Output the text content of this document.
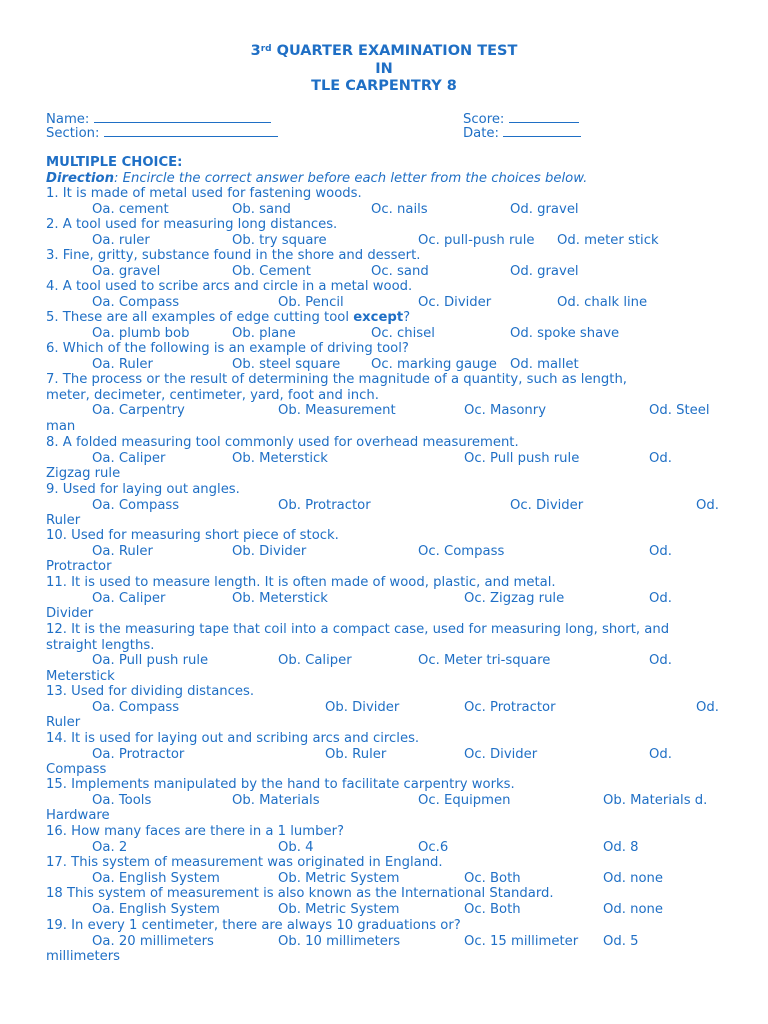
3rd QUARTER EXAMINATION TEST
IN
TLE CARPENTRY 8
Name:
Section:
Score:
Date:
MULTIPLE CHOICE:
Direction: Encircle the correct answer before each letter from the choices below.
1. It is made of metal used for fastening woods.
Oa. cement	Ob. sand	Oc. nails	Od. gravel
2. A tool used for measuring long distances.
Oa. ruler	Ob. try square	Oc. pull-push rule Od. meter stick
3. Fine, gritty, substance found in the shore and dessert.
Oa. gravel	Ob. Cement	Oc. sand	Od. gravel
4. A tool used to scribe arcs and circle in a metal wood.
Oa. Compass	Ob. Pencil	Oc. Divider	Od. chalk line
5. These are all examples of edge cutting tool except?
Oa. plumb bob	Ob. plane	Oc. chisel	Od. spoke shave
6. Which of the following is an example of driving tool?
Oa. Ruler	Ob. steel square Oc. marking gauge Od. mallet
7. The process or the result of determining the magnitude of a quantity, such as length,
meter, decimeter, centimeter, yard, foot and inch.
Oa. Carpentry	Ob. Measurement	Oc. Masonry	Od. Steel
man
8. A folded measuring tool commonly used for overhead measurement.
Oa. Caliper	Ob. Meterstick	Oc. Pull push rule	Od.
Zigzag rule
9. Used for laying out angles.
Oa. Compass	Ob. Protractor	Oc. Divider	Od.
Ruler
10. Used for measuring short piece of stock.
Oa. Ruler	Ob. Divider	Oc. Compass	Od.
Protractor
11. It is used to measure length. It is often made of wood, plastic, and metal.
Oa. Caliper	Ob. Meterstick	Oc. Zigzag rule	Od.
Divider
12. It is the measuring tape that coil into a compact case, used for measuring long, short, and
straight lengths.
Oa. Pull push rule	Ob. Caliper	Oc. Meter tri-square	Od.
Meterstick
13. Used for dividing distances.
Oa. Compass	Ob. Divider	Oc. Protractor	Od.
Ruler
14. It is used for laying out and scribing arcs and circles.
Oa. Protractor	Ob. Ruler	Oc. Divider	Od.
Compass
15. Implements manipulated by the hand to facilitate carpentry works.
Oa. Tools	Ob. Materials	Oc. Equipmen	Ob. Materials d.
Hardware
16. How many faces are there in a 1 lumber?
Oa. 2	Ob. 4	Oc.6	Od. 8
17. This system of measurement was originated in England.
Oa. English System	Ob. Metric System	Oc. Both	Od. none
18 This system of measurement is also known as the International Standard.
Oa. English System	Ob. Metric System	Oc. Both	Od. none
19. In every 1 centimeter, there are always 10 graduations or?
Oa. 20 millimeters	Ob. 10 millimeters	Oc. 15 millimeter Od. 5
millimeters
